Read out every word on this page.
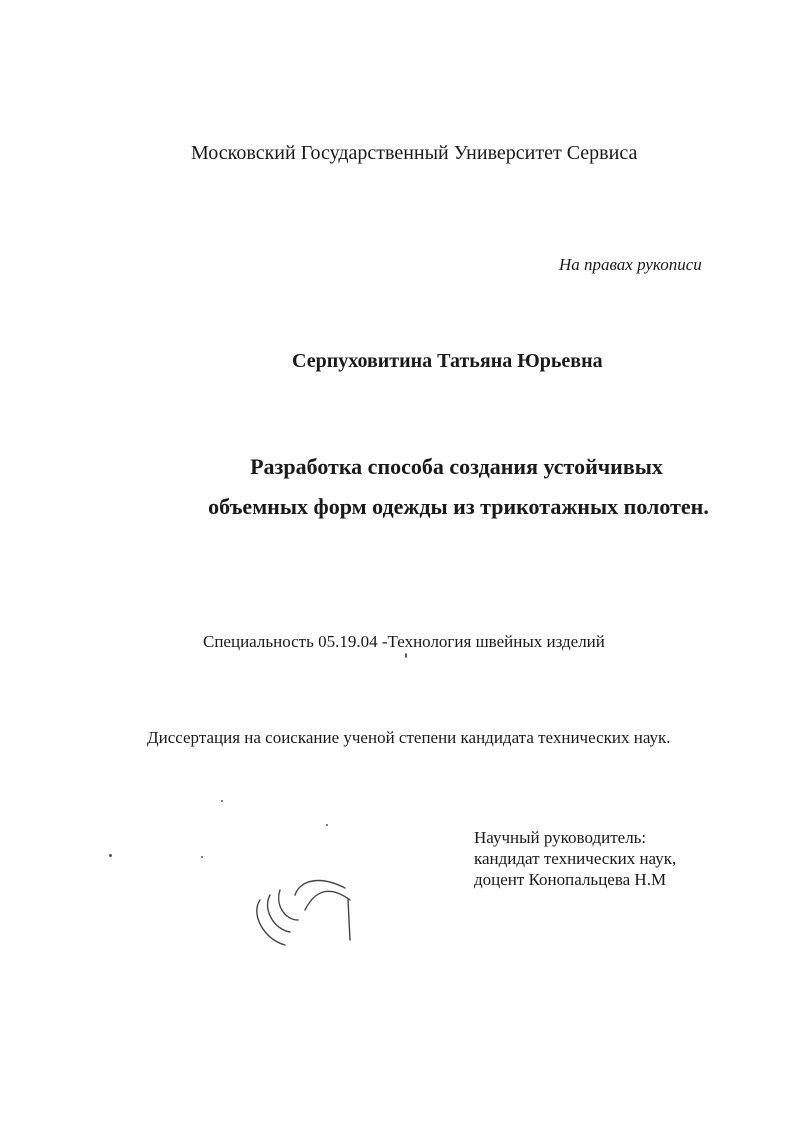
Московский Государственный Университет Сервиса

На правах рукописи

Серпуховитина Татьяна Юрьевна

Разработка способа создания устойчивых

объемных форм одежды из трикотажных полотен.

Специальность 05.19.04 -Технология швейных изделий

Диссертация на соискание ученой степени кандидата технических наук.

Научный руководитель:

кандидат технических наук,

доцент Конопальцева Н.М
